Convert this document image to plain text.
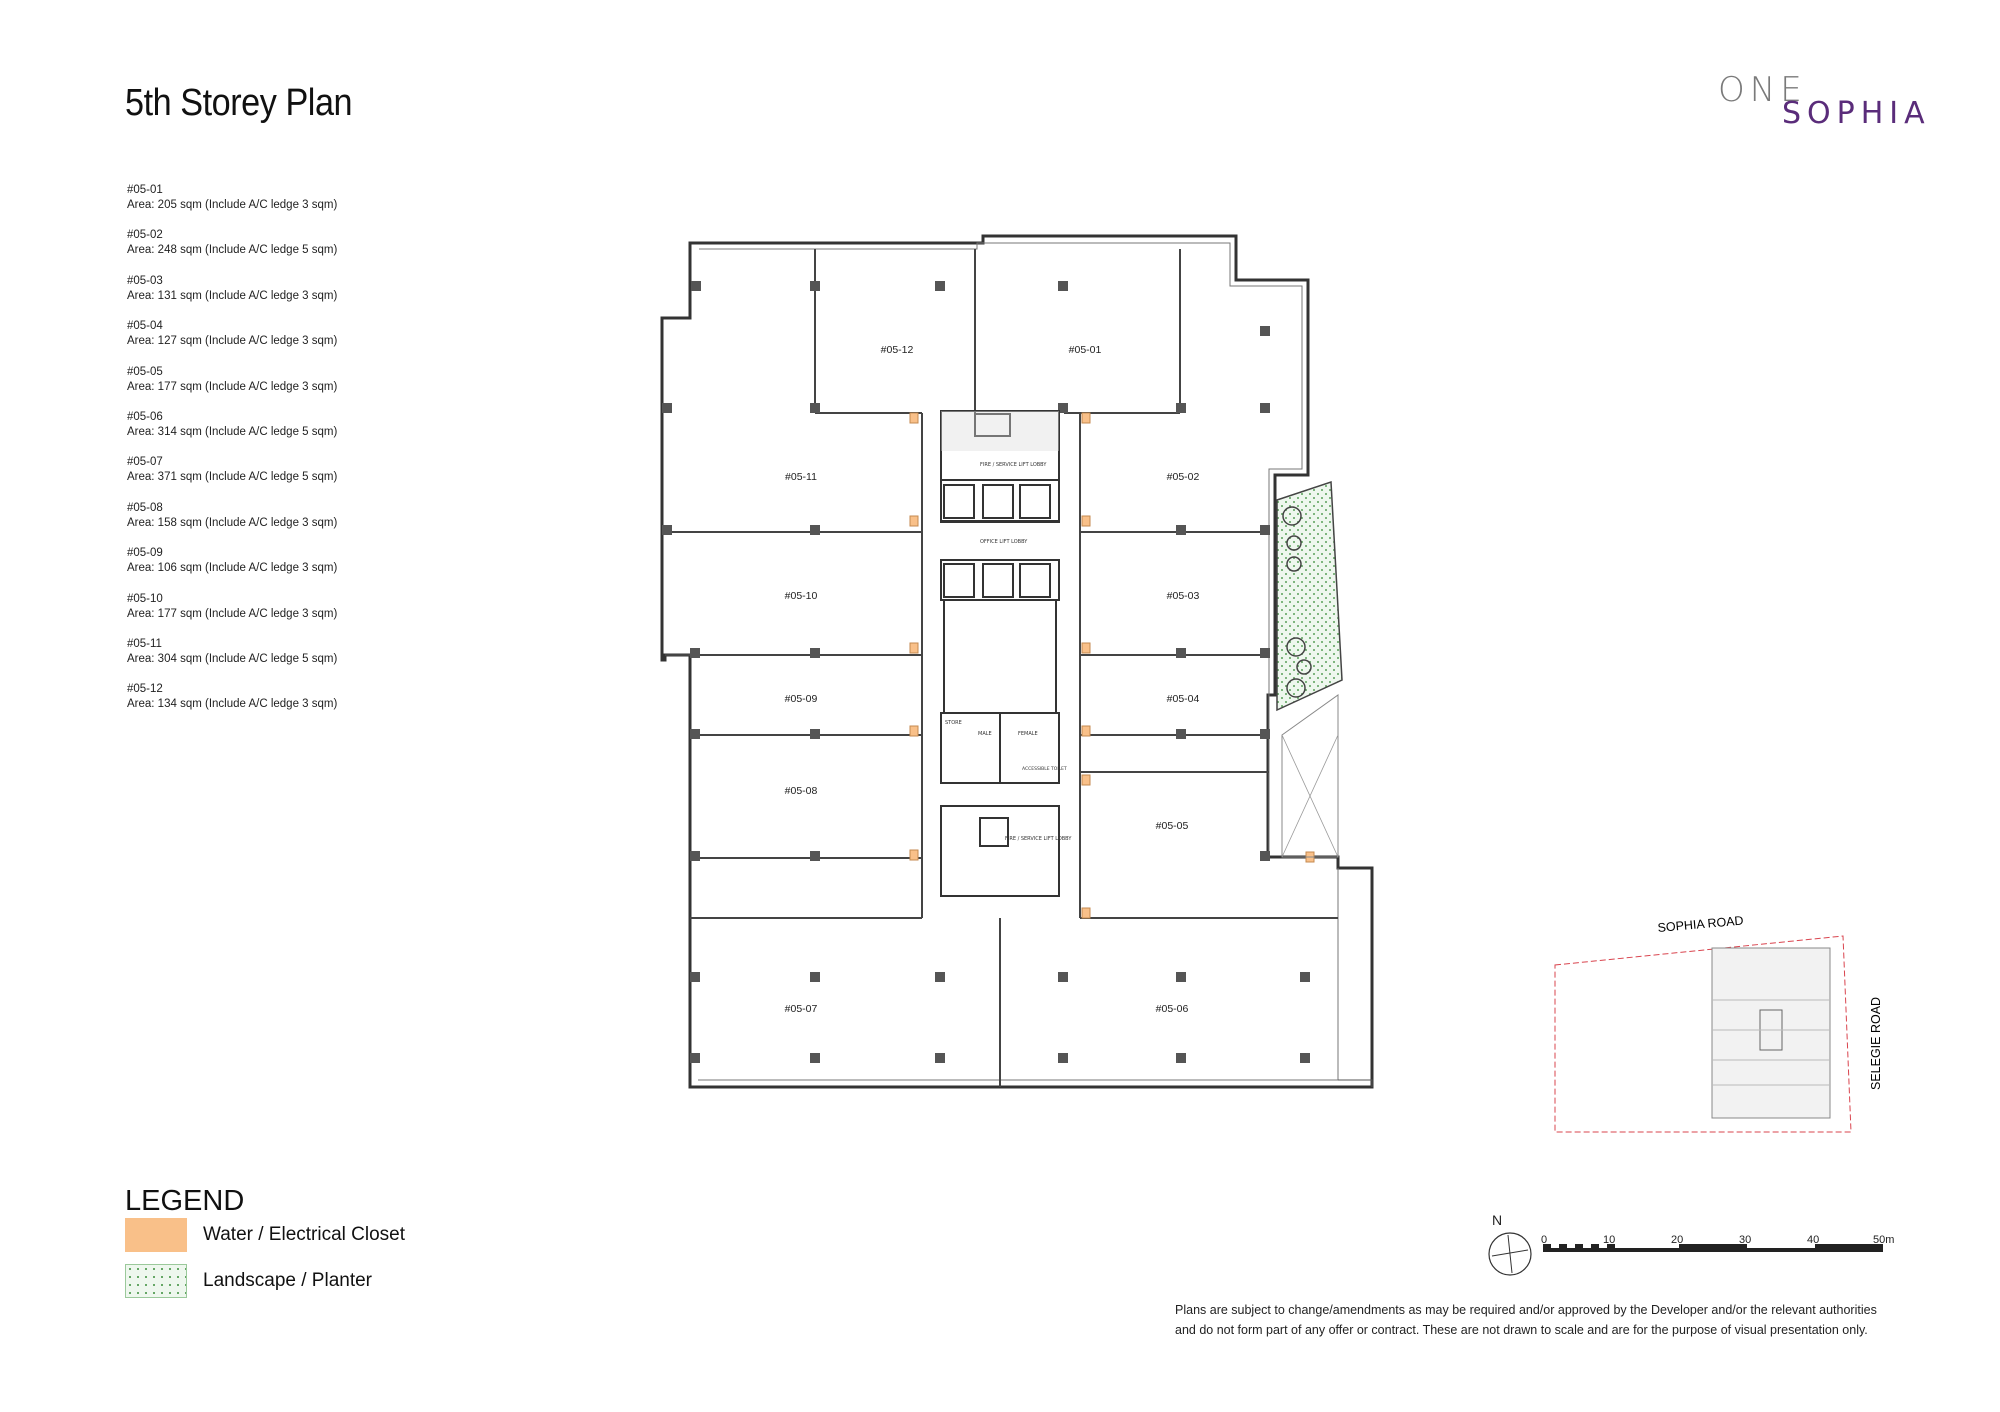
5th Storey Plan	ONE
SOPHIA
#05-01
Area: 205 sqm (Include A/C ledge 3 sqm)
#05-02
Area: 248 sqm (Include A/C ledge 5 sqm)
#05-03
Area: 131 sqm (Include A/C ledge 3 sqm)
#05-04
Area: 127 sqm (Include A/C ledge 3 sqm)
#05-05
Area: 177 sqm (Include A/C ledge 3 sqm)
#05-06
Area: 314 sqm (Include A/C ledge 5 sqm)
#05-07
Area: 371 sqm (Include A/C ledge 5 sqm)
#05-08
Area: 158 sqm (Include A/C ledge 3 sqm)
#05-09
Area: 106 sqm (Include A/C ledge 3 sqm)
#05-10
Area: 177 sqm (Include A/C ledge 3 sqm)
#05-11
Area: 304 sqm (Include A/C ledge 5 sqm)
#05-12
Area: 134 sqm (Include A/C ledge 3 sqm)
FIRE / SERVICE LIFT LOBBY
OFFICE LIFT LOBBY
STORE
MALE	FEMALE
ACCESSIBLE TOILET
FIRE / SERVICE LIFT LOBBY
#05-01
#05-02
#05-03
#05-04
#05-05
#05-06
#05-07
#05-08
#05-09
#05-10
#05-11
#05-12
SOPHIA ROAD
SELEGIE ROAD
N
0	10	20	30	40	50m
LEGEND
Water / Electrical Closet
Landscape / Planter
Plans are subject to change/amendments as may be required and/or approved by the Developer and/or the relevant authorities
and do not form part of any offer or contract. These are not drawn to scale and are for the purpose of visual presentation only.
